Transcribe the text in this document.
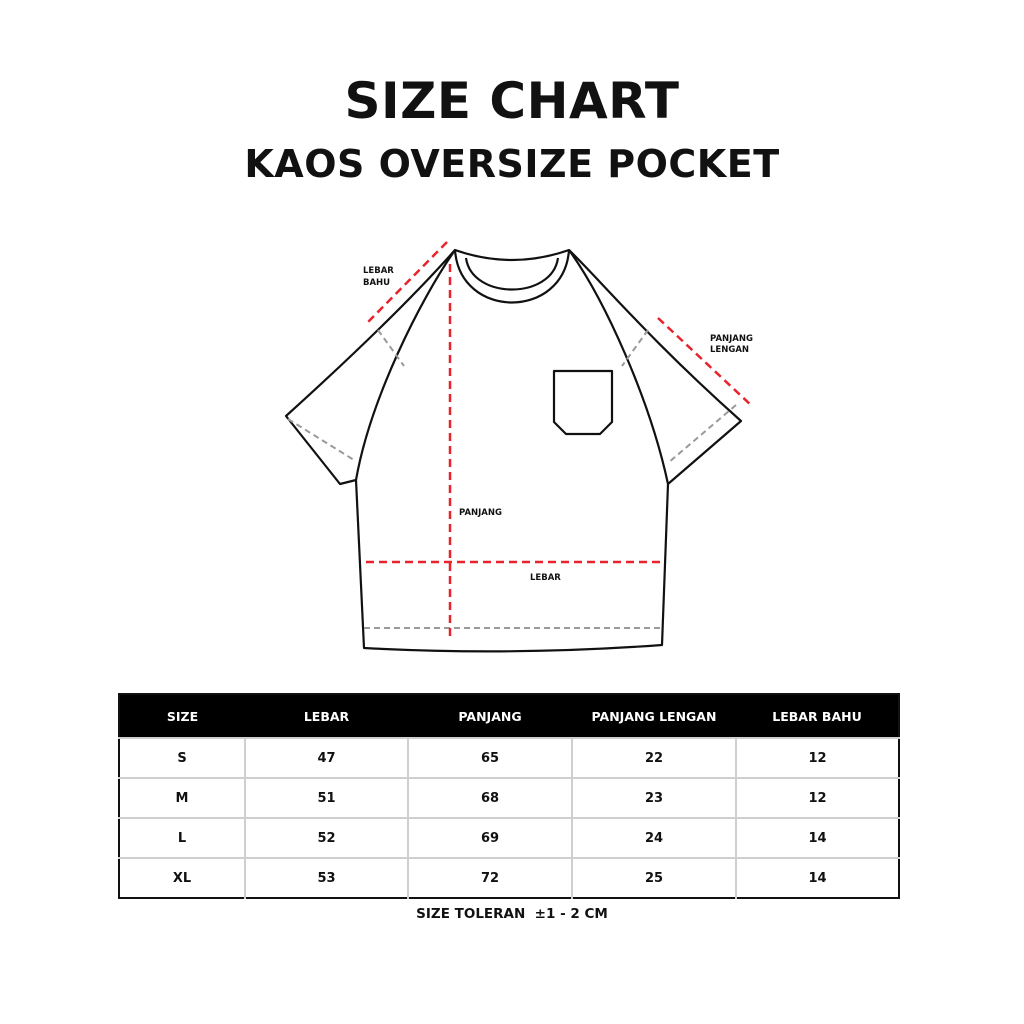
SIZE CHART
KAOS OVERSIZE POCKET
LEBAR
BAHU
PANJANG
LENGAN
PANJANG
LEBAR
SIZE	LEBAR	PANJANG	PANJANG LENGAN	LEBAR BAHU
S	47	65	22	12
M	51	68	23	12
L	52	69	24	14
XL	53	72	25	14
SIZE TOLERAN  ±1 - 2 CM
